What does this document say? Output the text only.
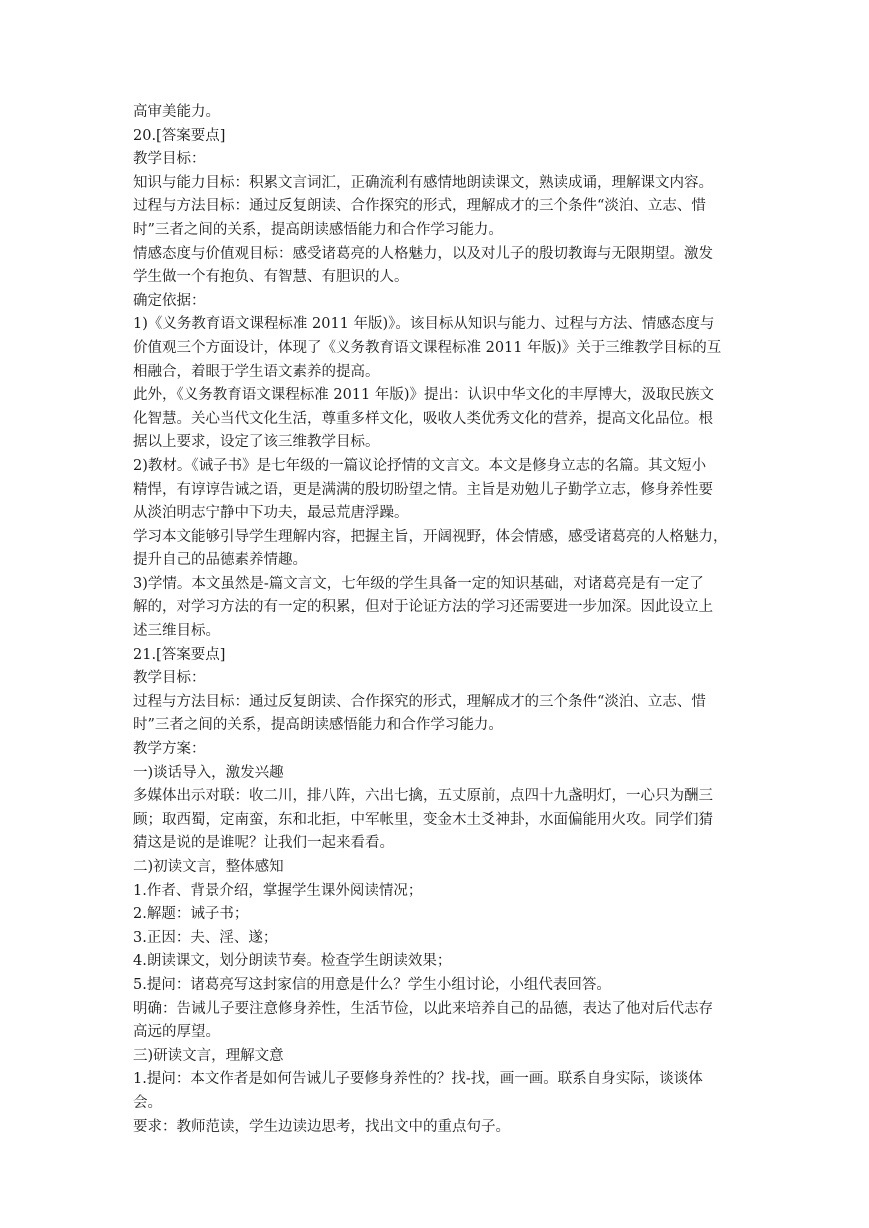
高审美能力。
20.[答案要点]
教学目标：
知识与能力目标：积累文言词汇，正确流利有感情地朗读课文，熟读成诵，理解课文内容。
过程与方法目标：通过反复朗读、合作探究的形式，理解成才的三个条件“淡泊、立志、惜
时”三者之间的关系，提高朗读感悟能力和合作学习能力。
情感态度与价值观目标：感受诸葛亮的人格魅力，以及对儿子的殷切教诲与无限期望。激发
学生做一个有抱负、有智慧、有胆识的人。
确定依据：
1)《义务教育语文课程标准 2011 年版)》。该目标从知识与能力、过程与方法、情感态度与
价值观三个方面设计，体现了《义务教育语文课程标准 2011 年版)》关于三维教学目标的互
相融合，着眼于学生语文素养的提高。
此外，《义务教育语文课程标准 2011 年版)》提出：认识中华文化的丰厚博大，汲取民族文
化智慧。关心当代文化生活，尊重多样文化，吸收人类优秀文化的营养，提高文化品位。根
据以上要求，设定了该三维教学目标。
2)教材。《诫子书》是七年级的一篇议论抒情的文言文。本文是修身立志的名篇。其文短小
精悍，有谆谆告诫之语，更是满满的殷切盼望之情。主旨是劝勉儿子勤学立志，修身养性要
从淡泊明志宁静中下功夫，最忌荒唐浮躁。
学习本文能够引导学生理解内容，把握主旨，开阔视野，体会情感，感受诸葛亮的人格魅力，
提升自己的品德素养情趣。
3)学情。本文虽然是-篇文言文，七年级的学生具备一定的知识基础，对诸葛亮是有一定了
解的，对学习方法的有一定的积累，但对于论证方法的学习还需要进一步加深。因此设立上
述三维目标。
21.[答案要点]
教学目标：
过程与方法目标：通过反复朗读、合作探究的形式，理解成才的三个条件“淡泊、立志、惜
时”三者之间的关系，提高朗读感悟能力和合作学习能力。
教学方案：
一)谈话导入，激发兴趣
多媒体出示对联：收二川，排八阵，六出七擒，五丈原前，点四十九盏明灯，一心只为酬三
顾；取西蜀，定南蛮，东和北拒，中军帐里，变金木土爻神卦，水面偏能用火攻。同学们猜
猜这是说的是谁呢？让我们一起来看看。
二)初读文言，整体感知
1.作者、背景介绍，掌握学生课外阅读情况；
2.解题：诫子书；
3.正因：夫、淫、遂；
4.朗读课文，划分朗读节奏。检查学生朗读效果；
5.提问：诸葛亮写这封家信的用意是什么？学生小组讨论，小组代表回答。
明确：告诫儿子要注意修身养性，生活节俭，以此来培养自己的品德，表达了他对后代志存
高远的厚望。
三)研读文言，理解文意
1.提问：本文作者是如何告诫儿子要修身养性的？找-找，画一画。联系自身实际，谈谈体
会。
要求：教师范读，学生边读边思考，找出文中的重点句子。
